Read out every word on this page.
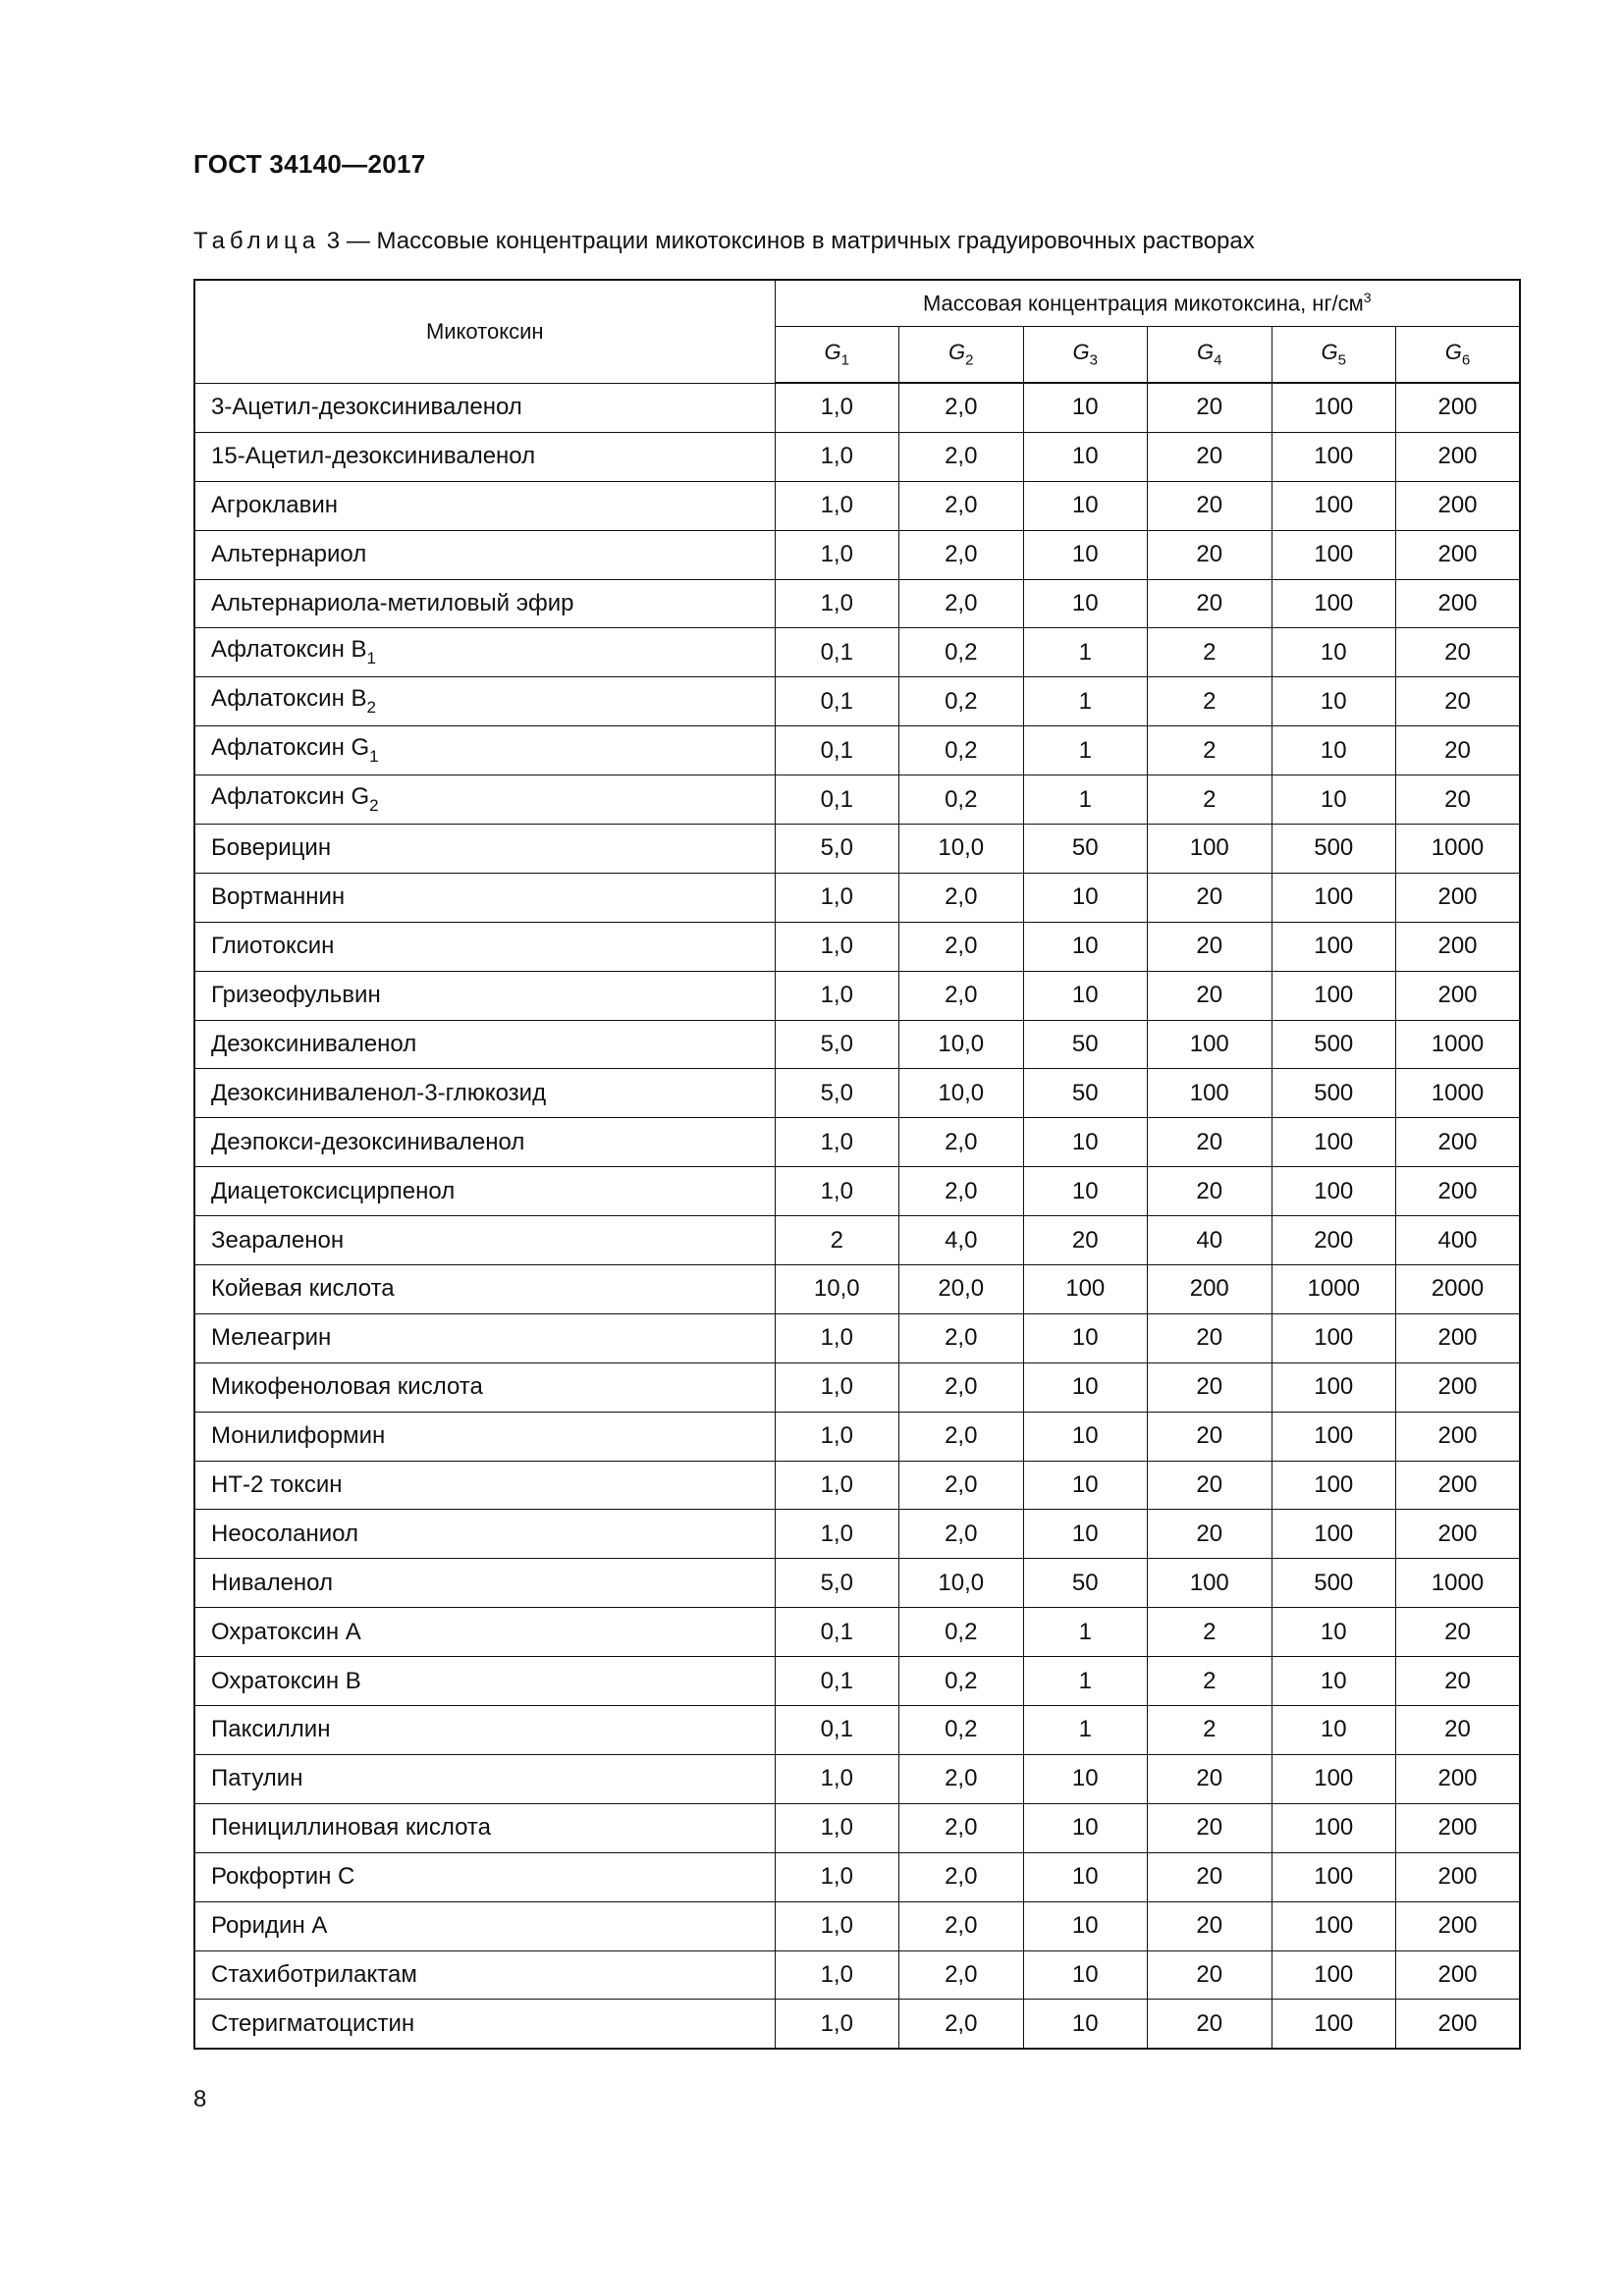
ГОСТ 34140—2017
Таблица 3 — Массовые концентрации микотоксинов в матричных градуировочных растворах
Микотоксин	Массовая концентрация микотоксина, $нг/см^3$
	$G_1$	$G_2$	$G_3$	$G_4$	$G_5$	$G_6$
3-Ацетил-дезоксиниваленол	1,0	2,0	10	20	100	200
15-Ацетил-дезоксиниваленол	1,0	2,0	10	20	100	200
Агроклавин	1,0	2,0	10	20	100	200
Альтернариол	1,0	2,0	10	20	100	200
Альтернариола-метиловый эфир	1,0	2,0	10	20	100	200
Афлатоксин $B_1$	0,1	0,2	1	2	10	20
Афлатоксин $B_2$	0,1	0,2	1	2	10	20
Афлатоксин $G_1$	0,1	0,2	1	2	10	20
Афлатоксин $G_2$	0,1	0,2	1	2	10	20
Боверицин	5,0	10,0	50	100	500	1000
Вортманнин	1,0	2,0	10	20	100	200
Глиотоксин	1,0	2,0	10	20	100	200
Гризеофульвин	1,0	2,0	10	20	100	200
Дезоксиниваленол	5,0	10,0	50	100	500	1000
Дезоксиниваленол-3-глюкозид	5,0	10,0	50	100	500	1000
Деэпокси-дезоксиниваленол	1,0	2,0	10	20	100	200
Диацетоксисцирпенол	1,0	2,0	10	20	100	200
Зеараленон	2	4,0	20	40	200	400
Койевая кислота	10,0	20,0	100	200	1000	2000
Мелеагрин	1,0	2,0	10	20	100	200
Микофеноловая кислота	1,0	2,0	10	20	100	200
Монилиформин	1,0	2,0	10	20	100	200
НТ-2 токсин	1,0	2,0	10	20	100	200
Неосоланиол	1,0	2,0	10	20	100	200
Ниваленол	5,0	10,0	50	100	500	1000
Охратоксин А	0,1	0,2	1	2	10	20
Охратоксин В	0,1	0,2	1	2	10	20
Паксиллин	0,1	0,2	1	2	10	20
Патулин	1,0	2,0	10	20	100	200
Пенициллиновая кислота	1,0	2,0	10	20	100	200
Рокфортин С	1,0	2,0	10	20	100	200
Роридин А	1,0	2,0	10	20	100	200
Стахиботрилактам	1,0	2,0	10	20	100	200
Стеригматоцистин	1,0	2,0	10	20	100	200
8
